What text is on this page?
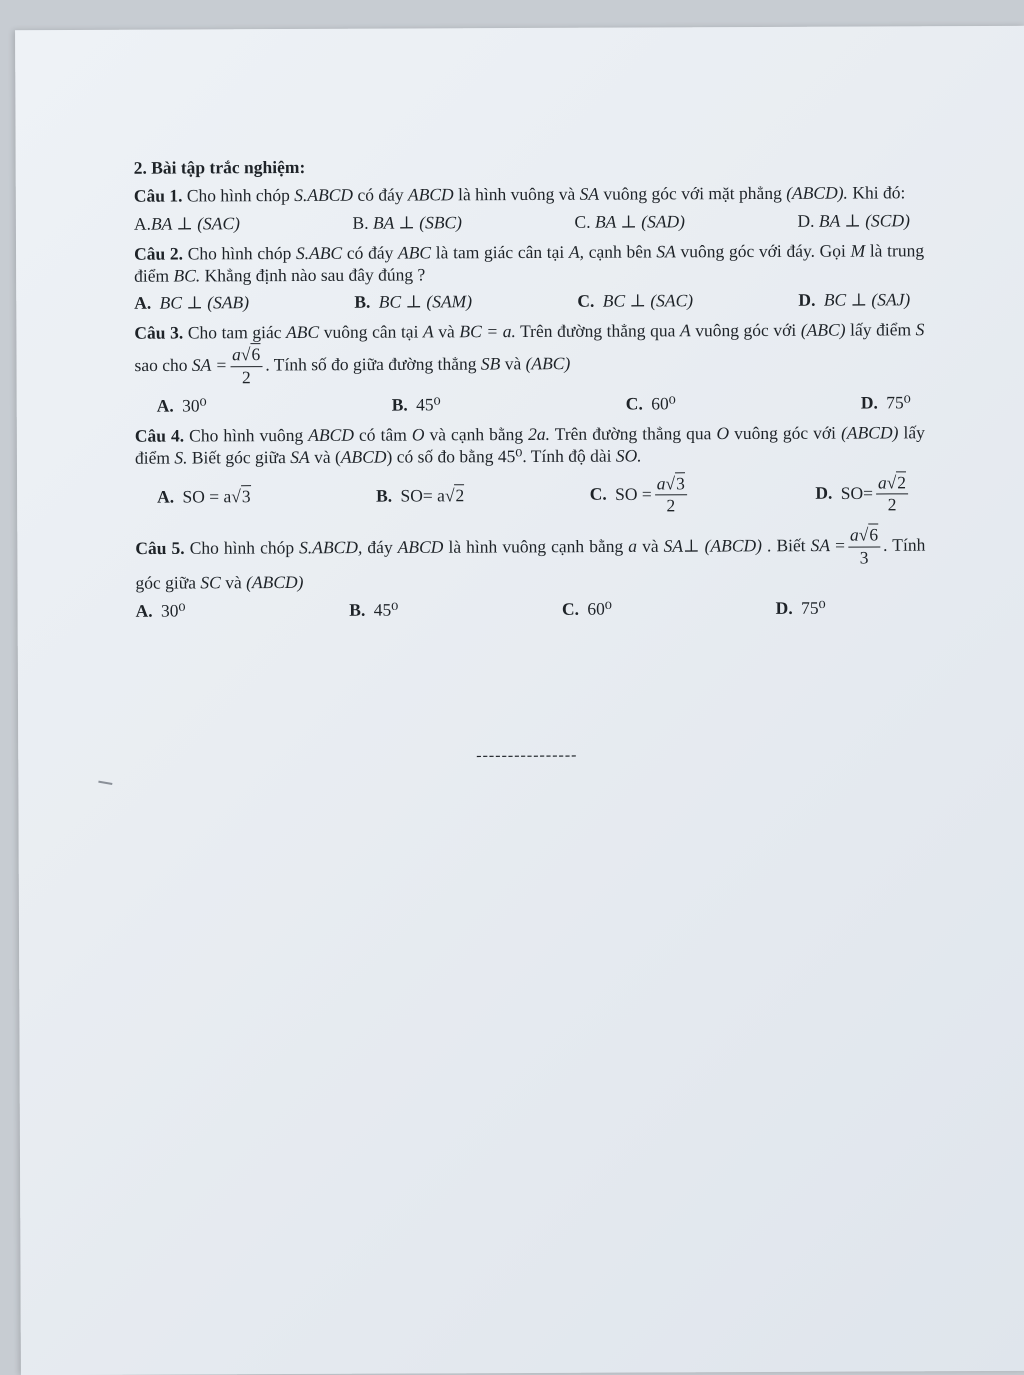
2. Bài tập trắc nghiệm:
Câu 1. Cho hình chóp S.ABCD có đáy ABCD là hình vuông và SA vuông góc với mặt phẳng (ABCD). Khi đó:
A.BA ⊥ (SAC)	B. BA ⊥ (SBC)	C. BA ⊥ (SAD)	D. BA ⊥ (SCD)
Câu 2. Cho hình chóp S.ABC có đáy ABC là tam giác cân tại A, cạnh bên SA vuông góc với đáy. Gọi M là trung điểm BC. Khẳng định nào sau đây đúng ?
A. BC ⊥ (SAB)	B. BC ⊥ (SAM)	C. BC ⊥ (SAC)	D. BC ⊥ (SAJ)
Câu 3. Cho tam giác ABC vuông cân tại A và BC = a. Trên đường thẳng qua A vuông góc với (ABC) lấy điểm S sao cho SA = $\frac{a√6}{2}$ . Tính số đo giữa đường thẳng SB và (ABC)
A. 30⁰	B. 45⁰	C. 60⁰	D. 75⁰
Câu 4. Cho hình vuông ABCD có tâm O và cạnh bằng 2a. Trên đường thẳng qua O vuông góc với (ABCD) lấy điểm S. Biết góc giữa SA và (ABCD) có số đo bằng 45⁰. Tính độ dài SO.
A. SO = a√3	B. SO= a√2	C. SO = $\frac{a√3}{2}$	D. $SO= \frac{a√2}{2}$
Câu 5. Cho hình chóp S.ABCD, đáy ABCD là hình vuông cạnh bằng a và SA⊥ (ABCD) . Biết SA = $\frac{a√6}{3}$ . Tính góc giữa SC và (ABCD)
A. 30⁰	B. 45⁰	C. 60⁰	D. 75⁰
----------------
